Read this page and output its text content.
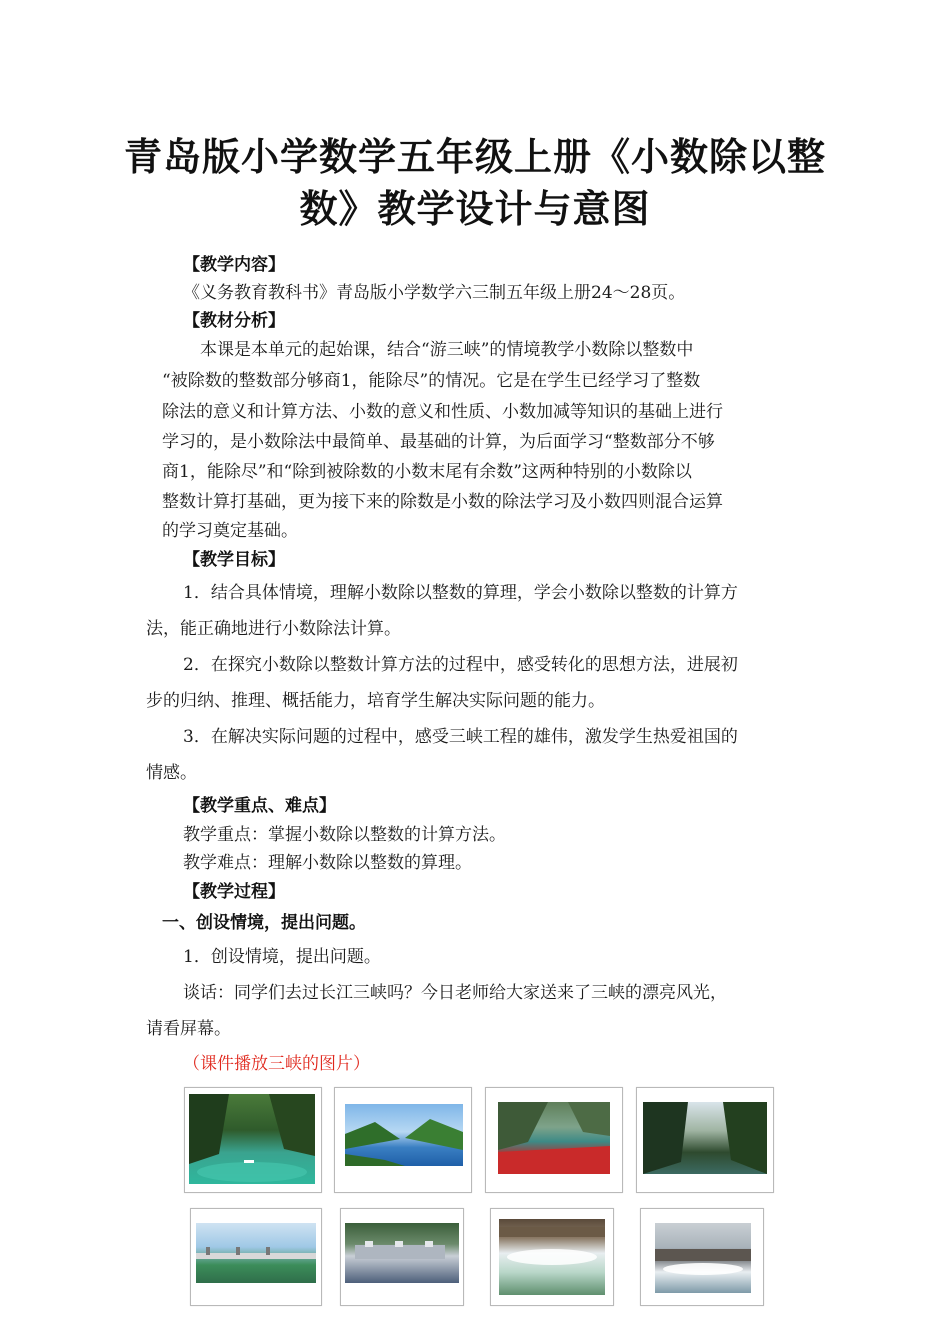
青岛版小学数学五年级上册《小数除以整
数》教学设计与意图
【教学内容】
《义务教育教科书》青岛版小学数学六三制五年级上册24～28页。
【教材分析】
本课是本单元的起始课，结合“游三峡”的情境教学小数除以整数中
“被除数的整数部分够商1，能除尽”的情况。它是在学生已经学习了整数
除法的意义和计算方法、小数的意义和性质、小数加减等知识的基础上进行
学习的，是小数除法中最简单、最基础的计算，为后面学习“整数部分不够
商1，能除尽”和“除到被除数的小数末尾有余数”这两种特别的小数除以
整数计算打基础，更为接下来的除数是小数的除法学习及小数四则混合运算
的学习奠定基础。
【教学目标】
1．结合具体情境，理解小数除以整数的算理，学会小数除以整数的计算方
法，能正确地进行小数除法计算。
2．在探究小数除以整数计算方法的过程中，感受转化的思想方法，进展初
步的归纳、推理、概括能力，培育学生解决实际问题的能力。
3．在解决实际问题的过程中，感受三峡工程的雄伟，激发学生热爱祖国的
情感。
【教学重点、难点】
教学重点：掌握小数除以整数的计算方法。
教学难点：理解小数除以整数的算理。
【教学过程】
一、创设情境，提出问题。
1．创设情境，提出问题。
谈话：同学们去过长江三峡吗？今日老师给大家送来了三峡的漂亮风光，
请看屏幕。
（课件播放三峡的图片）
